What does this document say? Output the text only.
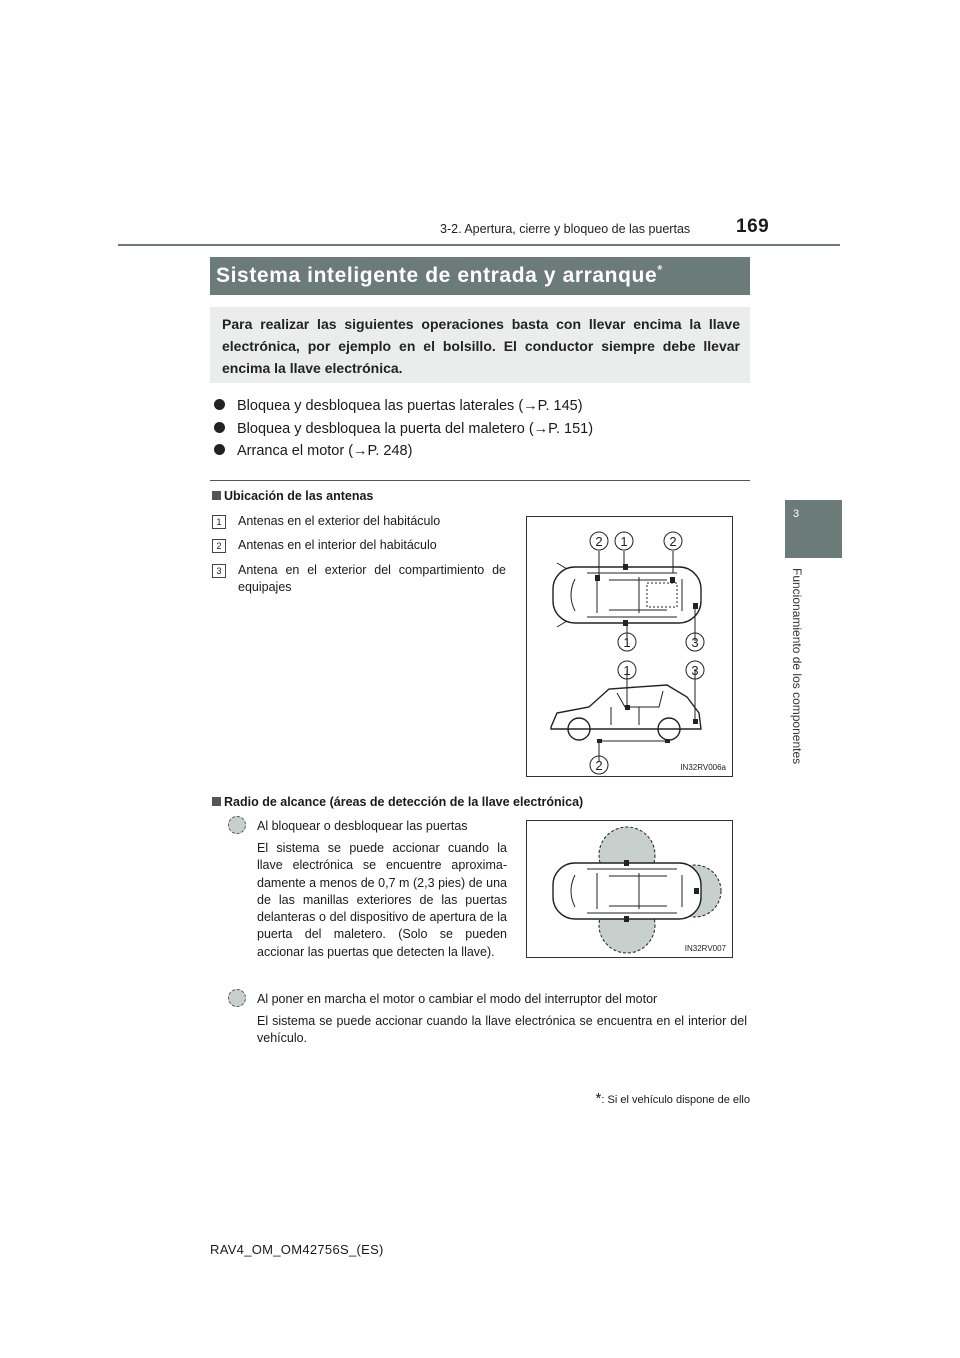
3-2. Apertura, cierre y bloqueo de las puertas 169
3
Funcionamiento de los componentes
Sistema inteligente de entrada y arranque*
Para realizar las siguientes operaciones basta con llevar encima la llave electrónica, por ejemplo en el bolsillo. El conductor siempre debe llevar encima la llave electrónica.
Bloquea y desbloquea las puertas laterales (→P. 145)
Bloquea y desbloquea la puerta del maletero (→P. 151)
Arranca el motor (→P. 248)
Ubicación de las antenas
1	Antenas en el exterior del habitáculo
2	Antenas en el interior del habitáculo
3	Antena en el exterior del compartimiento de equipajes
2 1	2
1	3
1	3
2	IN32RV006a
Radio de alcance (áreas de detección de la llave electrónica)
Al bloquear o desbloquear las puertas
El sistema se puede accionar cuando la llave electrónica se encuentre aproximadamente a menos de 0,7 m (2,3 pies) de una de las manillas exteriores de las puertas delanteras o del dispositivo de apertura de la puerta del maletero. (Solo se pueden accionar las puertas que detecten la llave).	IN32RV007
Al poner en marcha el motor o cambiar el modo del interruptor del motor
El sistema se puede accionar cuando la llave electrónica se encuentra en el interior del vehículo.
*: Si el vehículo dispone de ello
RAV4_OM_OM42756S_(ES)
